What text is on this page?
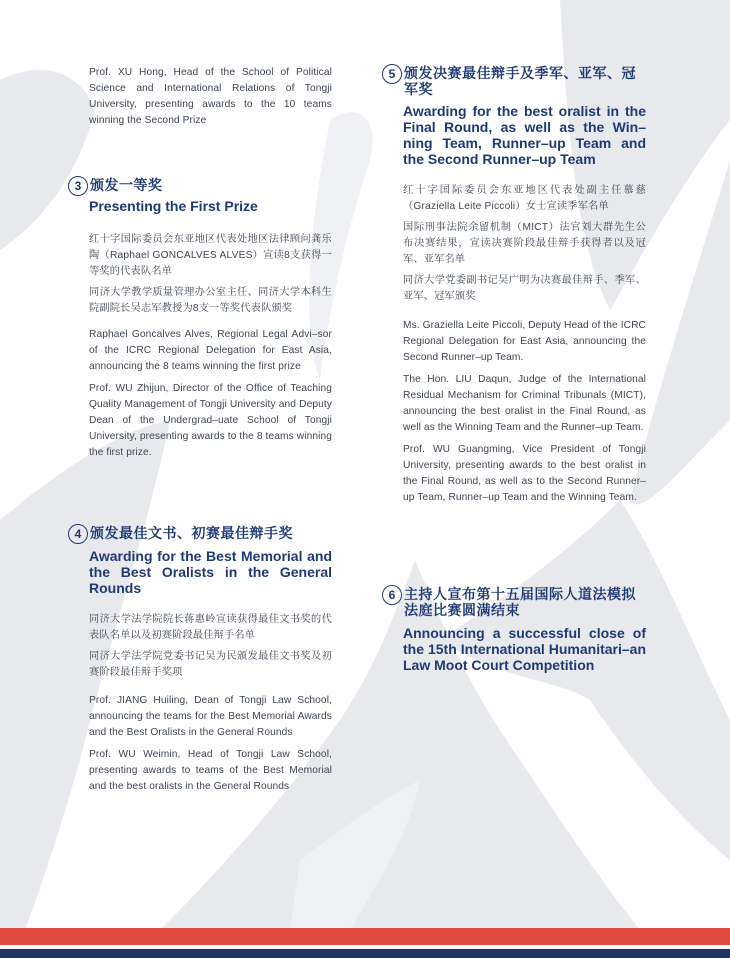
Prof. XU Hong, Head of the School of Political Science and International Relations of Tongji University, presenting awards to the 10 teams winning the Second Prize

3 颁发一等奖
Presenting the First Prize

红十字国际委员会东亚地区代表处地区法律顾问龚乐陶（Raphael GONCALVES ALVES）宣读8支获得一等奖的代表队名单

同济大学教学质量管理办公室主任、同济大学本科生院副院长吴志军教授为8支一等奖代表队颁奖

Raphael Goncalves Alves, Regional Legal Advi–sor of the ICRC Regional Delegation for East Asia, announcing the 8 teams winning the first prize

Prof. WU Zhijun, Director of the Office of Teaching Quality Management of Tongji University and Deputy Dean of the Undergrad–uate School of Tongji University, presenting awards to the 8 teams winning the first prize.

4 颁发最佳文书、初赛最佳辩手奖
Awarding for the Best Memorial and the Best Oralists in the General Rounds

同济大学法学院院长蒋惠岭宣读获得最佳文书奖的代表队名单以及初赛阶段最佳辩手名单

同济大学法学院党委书记吴为民颁发最佳文书奖及初赛阶段最佳辩手奖项

Prof. JIANG Huiling, Dean of Tongji Law School, announcing the teams for the Best Memorial Awards and the Best Oralists in the General Rounds

Prof. WU Weimin, Head of Tongji Law School, presenting awards to teams of the Best Memorial and the best oralists in the General Rounds

5 颁发决赛最佳辩手及季军、亚军、冠军奖
Awarding for the best oralist in the Final Round, as well as the Win–ning Team, Runner–up Team and the Second Runner–up Team

红十字国际委员会东亚地区代表处副主任慕慈（Graziella Leite Piccoli）女士宣读季军名单

国际刑事法院余留机制（MICT）法官刘大群先生公布决赛结果，宣读决赛阶段最佳辩手获得者以及冠军、亚军名单

同济大学党委副书记吴广明为决赛最佳辩手、季军、亚军、冠军颁奖

Ms. Graziella Leite Piccoli, Deputy Head of the ICRC Regional Delegation for East Asia, announcing the Second Runner–up Team.

The Hon. LIU Daqun, Judge of the International Residual Mechanism for Criminal Tribunals (MICT), announcing the best oralist in the Final Round, as well as the Winning Team and the Runner–up Team.

Prof. WU Guangming, Vice President of Tongji University, presenting awards to the best oralist in the Final Round, as well as to the Second Runner–up Team, Runner–up Team and the Winning Team.

6 主持人宣布第十五届国际人道法模拟法庭比赛圆满结束
Announcing a successful close of the 15th International Humanitari–an Law Moot Court Competition
